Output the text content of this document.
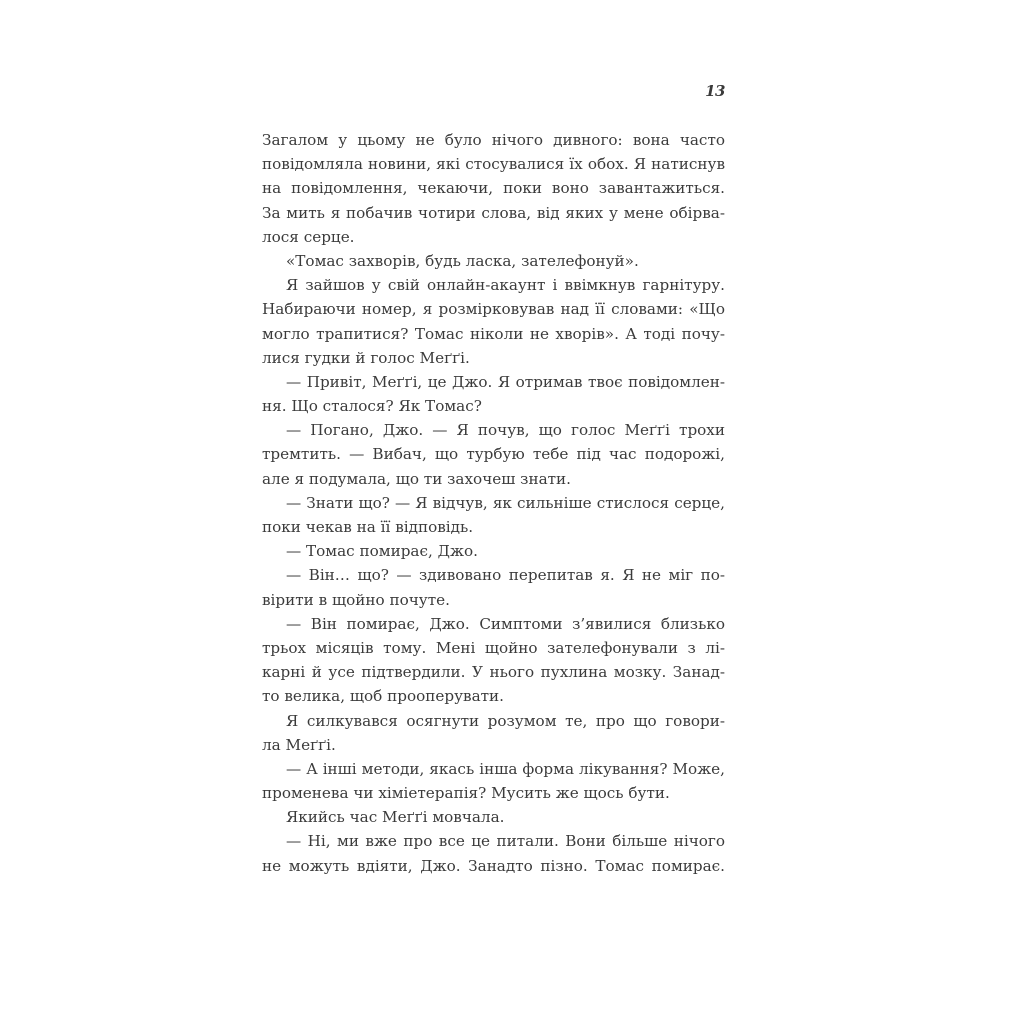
13
Загалом у цьому не було нічого дивного: вона часто
повідомляла новини, які стосувалися їх обох. Я натиснув
на повідомлення, чекаючи, поки воно завантажиться.
За мить я побачив чотири слова, від яких у мене обірва-
лося серце.
«Томас захворів, будь ласка, зателефонуй».
Я зайшов у свій онлайн-акаунт і ввімкнув гарнітуру.
Набираючи номер, я розмірковував над її словами: «Що
могло трапитися? Томас ніколи не хворів». А тоді почу-
лися гудки й голос Меґґі.
— Привіт, Меґґі, це Джо. Я отримав твоє повідомлен-
ня. Що сталося? Як Томас?
— Погано, Джо. — Я почув, що голос Меґґі трохи
тремтить. — Вибач, що турбую тебе під час подорожі,
але я подумала, що ти захочеш знати.
— Знати що? — Я відчув, як сильніше стислося серце,
поки чекав на її відповідь.
— Томас помирає, Джо.
— Він… що? — здивовано перепитав я. Я не міг по-
вірити в щойно почуте.
— Він помирає, Джо. Симптоми з’явилися близько
трьох місяців тому. Мені щойно зателефонували з лі-
карні й усе підтвердили. У нього пухлина мозку. Занад-
то велика, щоб прооперувати.
Я силкувався осягнути розумом те, про що говори-
ла Меґґі.
— А інші методи, якась інша форма лікування? Може,
променева чи хіміетерапія? Мусить же щось бути.
Якийсь час Меґґі мовчала.
— Ні, ми вже про все це питали. Вони більше нічого
не можуть вдіяти, Джо. Занадто пізно. Томас помирає.
